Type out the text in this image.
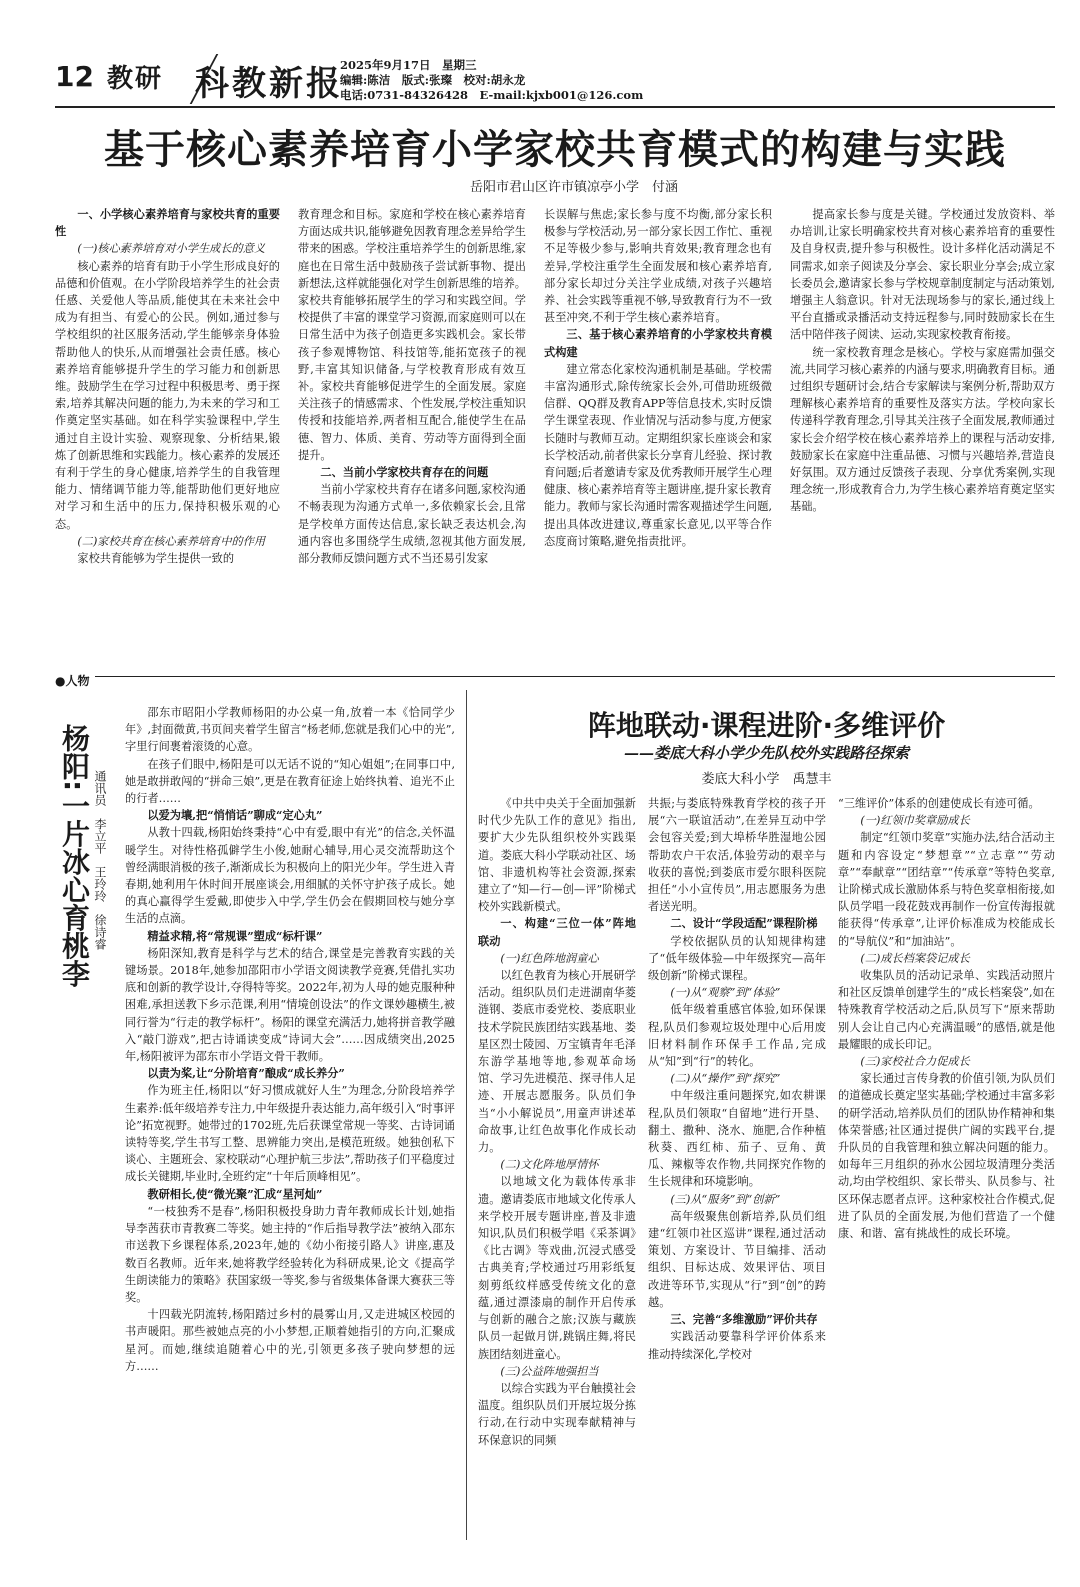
12 教研 科教新报
2025年9月17日　星期三
编辑:陈洁　版式:张璨　校对:胡永龙
电话:0731-84326428　E-mail:kjxb001@126.com
基于核心素养培育小学家校共育模式的构建与实践
岳阳市君山区许市镇凉亭小学　付涵
一、小学核心素养培育与家校共育的重要性
(一)核心素养培育对小学生成长的意义

核心素养的培育有助于小学生形成良好的品德和价值观。在小学阶段培养学生的社会责任感、关爱他人等品质,能使其在未来社会中成为有担当、有爱心的公民。例如,通过参与学校组织的社区服务活动,学生能够亲身体验帮助他人的快乐,从而增强社会责任感。核心素养培育能够提升学生的学习能力和创新思维。鼓励学生在学习过程中积极思考、勇于探索,培养其解决问题的能力,为未来的学习和工作奠定坚实基础。如在科学实验课程中,学生通过自主设计实验、观察现象、分析结果,锻炼了创新思维和实践能力。核心素养的发展还有利于学生的身心健康,培养学生的自我管理能力、情绪调节能力等,能帮助他们更好地应对学习和生活中的压力,保持积极乐观的心态。

(二)家校共育在核心素养培育中的作用

家校共育能够为学生提供一致的

教育理念和目标。家庭和学校在核心素养培育方面达成共识,能够避免因教育理念差异给学生带来的困惑。学校注重培养学生的创新思维,家庭也在日常生活中鼓励孩子尝试新事物、提出新想法,这样就能强化对学生创新思维的培养。家校共育能够拓展学生的学习和实践空间。学校提供了丰富的课堂学习资源,而家庭则可以在日常生活中为孩子创造更多实践机会。家长带孩子参观博物馆、科技馆等,能拓宽孩子的视野,丰富其知识储备,与学校教育形成有效互补。家校共育能够促进学生的全面发展。家庭关注孩子的情感需求、个性发展,学校注重知识传授和技能培养,两者相互配合,能使学生在品德、智力、体质、美育、劳动等方面得到全面提升。

二、当前小学家校共育存在的问题

当前小学家校共育存在诸多问题,家校沟通不畅表现为沟通方式单一,多依赖家长会,且常是学校单方面传达信息,家长缺乏表达机会,沟通内容也多围绕学生成绩,忽视其他方面发展,部分教师反馈问题方式不当还易引发家

长误解与焦虑;家长参与度不均衡,部分家长积极参与学校活动,另一部分家长因工作忙、重视不足等极少参与,影响共育效果;教育理念也有差异,学校注重学生全面发展和核心素养培育,部分家长却过分关注学业成绩,对孩子兴趣培养、社会实践等重视不够,导致教育行为不一致甚至冲突,不利于学生核心素养培育。

三、基于核心素养培育的小学家校共育模式构建

建立常态化家校沟通机制是基础。学校需丰富沟通形式,除传统家长会外,可借助班级微信群、QQ群及教育APP等信息技术,实时反馈学生课堂表现、作业情况与活动参与度,方便家长随时与教师互动。定期组织家长座谈会和家长学校活动,前者供家长分享育儿经验、探讨教育问题;后者邀请专家及优秀教师开展学生心理健康、核心素养培育等主题讲座,提升家长教育能力。教师与家长沟通时需客观描述学生问题,提出具体改进建议,尊重家长意见,以平等合作态度商讨策略,避免指责批评。

提高家长参与度是关键。学校通过发放资料、举办培训,让家长明确家校共育对核心素养培育的重要性及自身权责,提升参与积极性。设计多样化活动满足不同需求,如亲子阅读及分享会、家长职业分享会;成立家长委员会,邀请家长参与学校规章制度制定与活动策划,增强主人翁意识。针对无法现场参与的家长,通过线上平台直播或录播活动支持远程参与,同时鼓励家长在生活中陪伴孩子阅读、运动,实现家校教育衔接。

统一家校教育理念是核心。学校与家庭需加强交流,共同学习核心素养的内涵与要求,明确教育目标。通过组织专题研讨会,结合专家解读与案例分析,帮助双方理解核心素养培育的重要性及落实方法。学校向家长传递科学教育理念,引导其关注孩子全面发展,教师通过家长会介绍学校在核心素养培养上的课程与活动安排,鼓励家长在家庭中注重品德、习惯与兴趣培养,营造良好氛围。双方通过反馈孩子表现、分享优秀案例,实现理念统一,形成教育合力,为学生核心素养培育奠定坚实基础。

●人物
杨阳:一片冰心育桃李 通讯员　李立平　王玲玲　徐诗睿

邵东市昭阳小学教师杨阳的办公桌一角,放着一本《恰同学少年》,封面微黄,书页间夹着学生留言“杨老师,您就是我们心中的光”,字里行间裹着滚烫的心意。

在孩子们眼中,杨阳是可以无话不说的“知心姐姐”;在同事口中,她是敢拼敢闯的“拼命三娘”,更是在教育征途上始终执着、追光不止的行者……

以爱为壤,把“悄悄话”聊成“定心丸”

从教十四载,杨阳始终秉持“心中有爱,眼中有光”的信念,关怀温暖学生。对待性格孤僻学生小俊,她耐心辅导,用心灵交流帮助这个曾经满眼消极的孩子,渐渐成长为积极向上的阳光少年。学生进入青春期,她利用午休时间开展座谈会,用细腻的关怀守护孩子成长。她的真心赢得学生爱戴,即使步入中学,学生仍会在假期回校与她分享生活的点滴。

精益求精,将“常规课”塑成“标杆课”

杨阳深知,教育是科学与艺术的结合,课堂是完善教育实践的关键场景。2018年,她参加邵阳市小学语文阅读教学竞赛,凭借扎实功底和创新的教学设计,夺得特等奖。2022年,初为人母的她克服种种困难,承担送教下乡示范课,利用“情境创设法”的作文课妙趣横生,被同行誉为“行走的教学标杆”。杨阳的课堂充满活力,她将拼音教学融入“敲门游戏”,把古诗诵读变成“诗词大会”……因成绩突出,2025年,杨阳被评为邵东市小学语文骨干教师。

以责为桨,让“分阶培育”酿成“成长养分”

作为班主任,杨阳以“好习惯成就好人生”为理念,分阶段培养学生素养:低年级培养专注力,中年级提升表达能力,高年级引入“时事评论”拓宽视野。她带过的1702班,先后获课堂常规一等奖、古诗词诵读特等奖,学生书写工整、思辨能力突出,是模范班级。她独创私下谈心、主题班会、家校联动“心理护航三步法”,帮助孩子们平稳度过成长关键期,毕业时,全班约定“十年后顶峰相见”。

教研相长,使“微光聚”汇成“星河灿”

“一枝独秀不是春”,杨阳积极投身助力青年教师成长计划,她指导李茜获市青教赛二等奖。她主持的“作后指导教学法”被纳入邵东市送教下乡课程体系,2023年,她的《幼小衔接引路人》讲座,惠及数百名教师。近年来,她将教学经验转化为科研成果,论文《提高学生朗读能力的策略》获国家级一等奖,参与省级集体备课大赛获三等奖。

十四载光阴流转,杨阳踏过乡村的晨雾山月,又走进城区校园的书声暖阳。那些被她点亮的小小梦想,正顺着她指引的方向,汇聚成星河。而她,继续追随着心中的光,引领更多孩子驶向梦想的远方……

阵地联动·课程进阶·多维评价
——娄底大科小学少先队校外实践路径探索
娄底大科小学　禹慧丰

《中共中央关于全面加强新时代少先队工作的意见》指出,要扩大少先队组织校外实践渠道。娄底大科小学联动社区、场馆、非遗机构等社会资源,探索建立了“知—行—创—评”阶梯式校外实践新模式。

一、构建“三位一体”阵地联动
(一)红色阵地润童心

以红色教育为核心开展研学活动。组织队员们走进湖南华菱涟钢、娄底市委党校、娄底职业技术学院民族团结实践基地、娄星区烈士陵园、万宝镇青年毛泽东游学基地等地,参观革命场馆、学习先进模范、探寻伟人足迹、开展志愿服务。队员们争当“小小解说员”,用童声讲述革命故事,让红色故事化作成长动力。

(二)文化阵地厚情怀

以地域文化为载体传承非遗。邀请娄底市地域文化传承人来学校开展专题讲座,普及非遗知识,队员们积极学唱《采茶调》《比古调》等戏曲,沉浸式感受古典美育;学校通过巧用彩纸复刻剪纸纹样感受传统文化的意蕴,通过漂漆扇的制作开启传承与创新的融合之旅;汉族与藏族队员一起做月饼,跳锅庄舞,将民族团结刻进童心。

(三)公益阵地强担当

以综合实践为平台触摸社会温度。组织队员们开展垃圾分拣行动,在行动中实现奉献精神与环保意识的同频

共振;与娄底特殊教育学校的孩子开展“六一联谊活动”,在差异互动中学会包容关爱;到大埠桥华胜湿地公园帮助农户干农活,体验劳动的艰辛与收获的喜悦;到娄底市爱尔眼科医院担任“小小宣传员”,用志愿服务为患者送光明。

二、设计“学段适配”课程阶梯

学校依据队员的认知规律构建了“低年级体验—中年级探究—高年级创新”阶梯式课程。

(一)从“观察”到“体验”

低年级着重感官体验,如环保课程,队员们参观垃圾处理中心后用废旧材料制作环保手工作品,完成从“知”到“行”的转化。

(二)从“操作”到“探究”

中年级注重问题探究,如农耕课程,队员们领取“自留地”进行开垦、翻土、撒种、浇水、施肥,合作种植秋葵、西红柿、茄子、豆角、黄瓜、辣椒等农作物,共同探究作物的生长规律和环境影响。

(三)从“服务”到“创新”

高年级聚焦创新培养,队员们组建“红领巾社区巡讲”课程,通过活动策划、方案设计、节目编排、活动组织、目标达成、效果评估、项目改进等环节,实现从“行”到“创”的跨越。

三、完善“多维激励”评价共存

实践活动要靠科学评价体系来推动持续深化,学校对

“三维评价”体系的创建使成长有迹可循。

(一)红领巾奖章励成长

制定“红领巾奖章”实施办法,结合活动主题和内容设定“梦想章”“立志章”“劳动章”“奉献章”“团结章”“传承章”等特色奖章,让阶梯式成长激励体系与特色奖章相衔接,如队员学唱一段花鼓戏再制作一份宣传海报就能获得“传承章”,让评价标准成为校能成长的“导航仪”和“加油站”。

(二)成长档案袋记成长

收集队员的活动记录单、实践活动照片和社区反馈单创建学生的“成长档案袋”,如在特殊教育学校活动之后,队员写下“原来帮助别人会让自己内心充满温暖”的感悟,就是他最耀眼的成长印记。

(三)家校社合力促成长

家长通过言传身教的价值引领,为队员们的道德成长奠定坚实基础;学校通过丰富多彩的研学活动,培养队员们的团队协作精神和集体荣誉感;社区通过提供广阔的实践平台,提升队员的自我管理和独立解决问题的能力。如每年三月组织的孙水公园垃圾清理分类活动,均由学校组织、家长带头、队员参与、社区环保志愿者点评。这种家校社合作模式,促进了队员的全面发展,为他们营造了一个健康、和谐、富有挑战性的成长环境。
